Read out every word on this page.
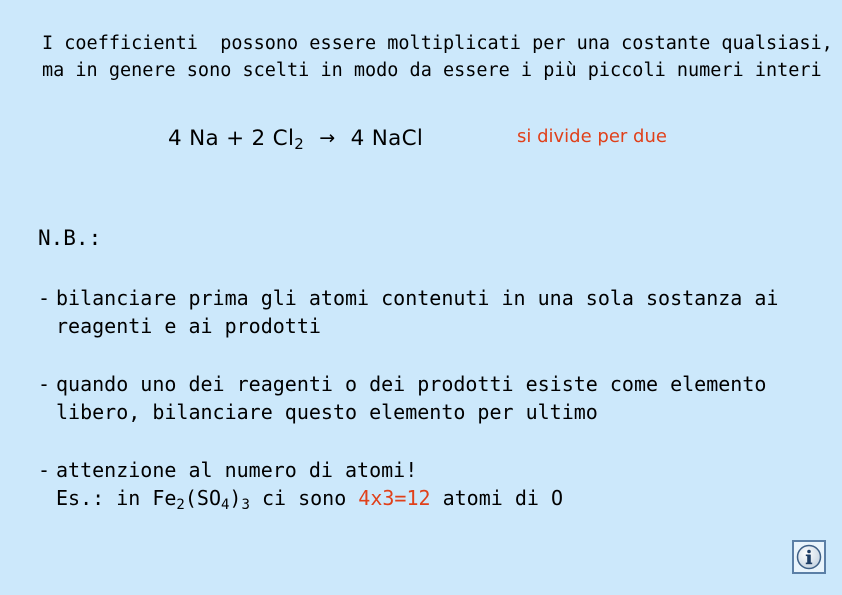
I coefficienti  possono essere moltiplicati per una costante qualsiasi,
ma in genere sono scelti in modo da essere i più piccoli numeri interi
4 Na + 2 $Cl_2 \to 4$ NaCl	si divide per due
N.B.:
- bilanciare prima gli atomi contenuti in una sola sostanza ai
reagenti e ai prodotti
- quando uno dei reagenti o dei prodotti esiste come elemento
libero, bilanciare questo elemento per ultimo
- attenzione al numero di atomi!
Es.: in $Fe_2(SO_4)_3$ ci sono 4x3=12 atomi di O
